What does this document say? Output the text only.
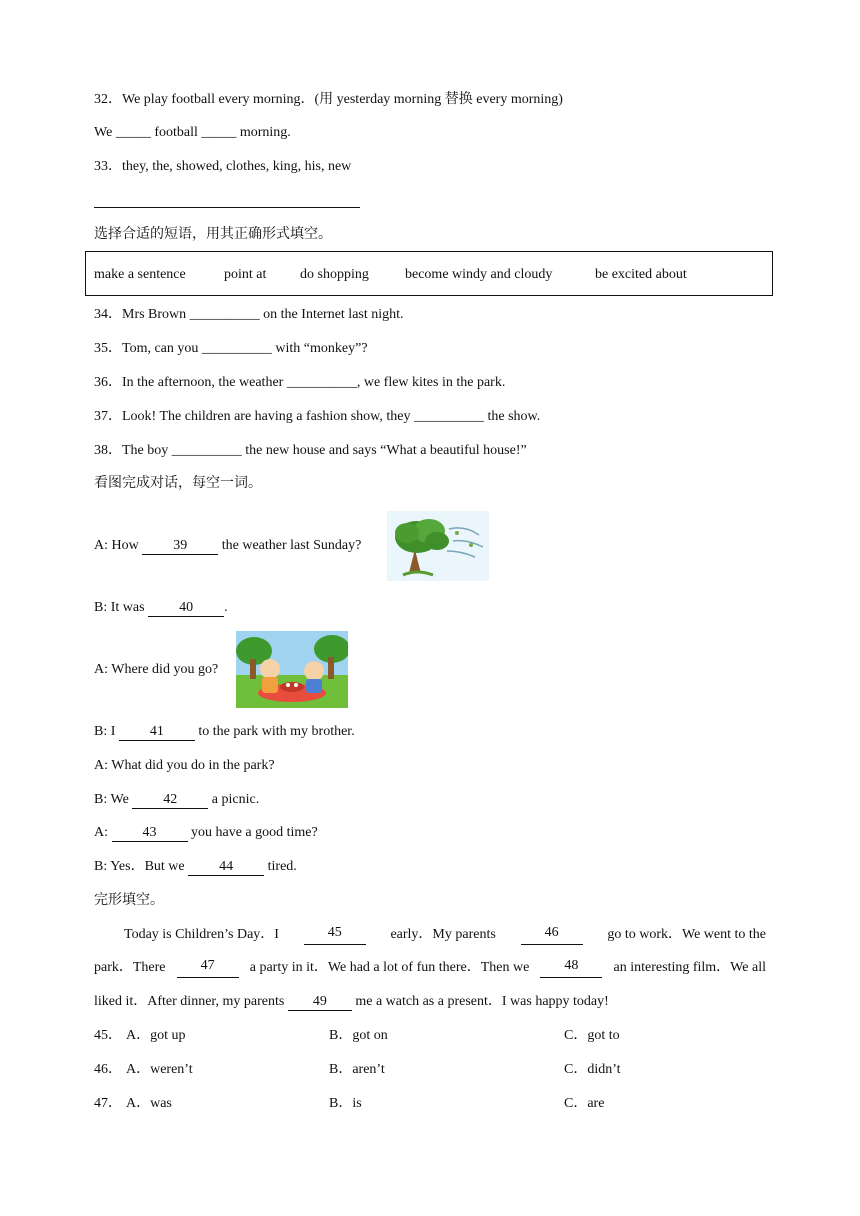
32．We play football every morning．(用 yesterday morning 替换 every morning)
We _____ football _____ morning.
33．they, the, showed, clothes, king, his, new
选择合适的短语，用其正确形式填空。
make a sentence	point at do shopping	become windy and cloudy	be excited about
34．Mrs Brown __________ on the Internet last night.
35．Tom, can you __________ with “monkey”?
36．In the afternoon, the weather __________, we flew kites in the park.
37．Look! The children are having a fashion show, they __________ the show.
38．The boy __________ the new house and says “What a beautiful house!”
看图完成对话，每空一词。
A: How 39 the weather last Sunday?
B: It was 40 .
A: Where did you go?
B: I 41 to the park with my brother.
A: What did you do in the park?
B: We 42 a picnic.
A: 43 you have a good time?
B: Yes．But we 44 tired.
完形填空。
Today is Children’s Day．I	45	early．My parents	46	go to work．We went to the
park．There	47	a party in it．We had a lot of fun there．Then we	48	an interesting film．We all
liked it．After dinner, my parents 49 me a watch as a present．I was happy today!
45． A．got up	B．got on	C．got to
46． A．weren’t	B．aren’t	C．didn’t
47． A．was	B．is	C．are
